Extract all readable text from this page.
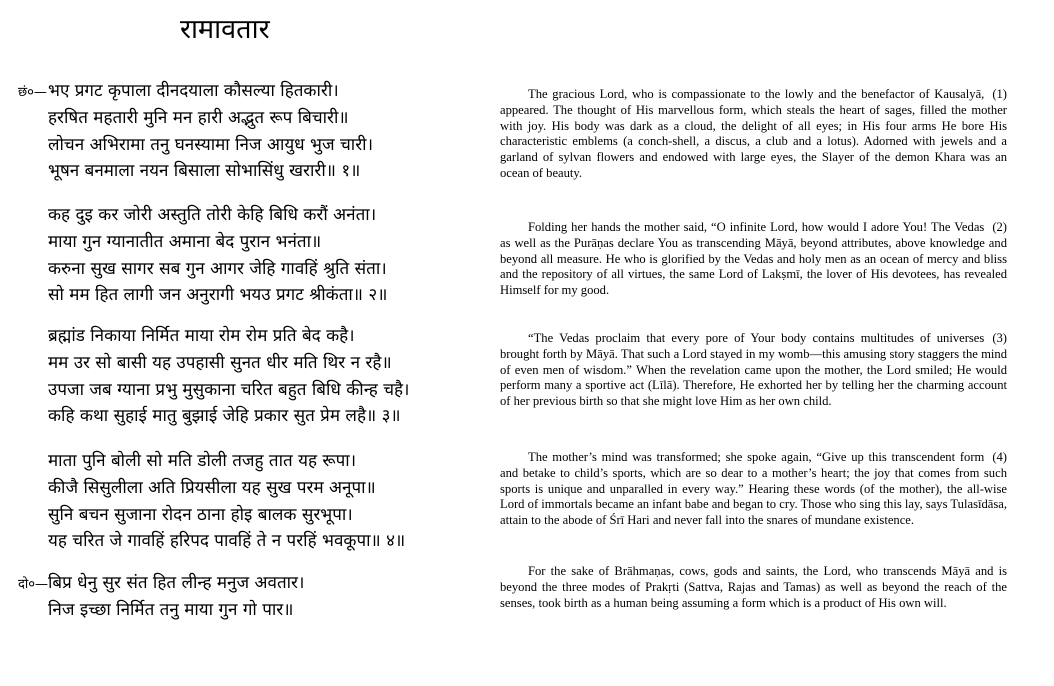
रामावतार
छं०— भए प्रगट कृपाला दीनदयाला कौसल्या हितकारी।
हरषित महतारी मुनि मन हारी अद्भुत रूप बिचारी॥
लोचन अभिरामा तनु घनस्यामा निज आयुध भुज चारी।
भूषन बनमाला नयन बिसाला सोभासिंधु खरारी॥ १॥

(1)
The gracious Lord, who is compassionate to the lowly and the benefactor of Kausalyā, appeared. The thought of His marvellous form, which steals the heart of sages, filled the mother with joy. His body was dark as a cloud, the delight of all eyes; in His four arms He bore His characteristic emblems (a conch-shell, a discus, a club and a lotus). Adorned with jewels and a garland of sylvan flowers and endowed with large eyes, the Slayer of the demon Khara was an ocean of beauty.

कह दुइ कर जोरी अस्तुति तोरी केहि बिधि करौं अनंता।
माया गुन ग्यानातीत अमाना बेद पुरान भनंता॥
करुना सुख सागर सब गुन आगर जेहि गावहिं श्रुति संता।
सो मम हित लागी जन अनुरागी भयउ प्रगट श्रीकंता॥ २॥

(2)
Folding her hands the mother said, “O infinite Lord, how would I adore You! The Vedas as well as the Purāṇas declare You as transcending Māyā, beyond attributes, above knowledge and beyond all measure. He who is glorified by the Vedas and holy men as an ocean of mercy and bliss and the repository of all virtues, the same Lord of Lakṣmī, the lover of His devotees, has revealed Himself for my good.

ब्रह्मांड निकाया निर्मित माया रोम रोम प्रति बेद कहै।
मम उर सो बासी यह उपहासी सुनत धीर मति थिर न रहै॥
उपजा जब ग्याना प्रभु मुसुकाना चरित बहुत बिधि कीन्ह चहै।
कहि कथा सुहाई मातु बुझाई जेहि प्रकार सुत प्रेम लहै॥ ३॥

(3)
“The Vedas proclaim that every pore of Your body contains multitudes of universes brought forth by Māyā. That such a Lord stayed in my womb—this amusing story staggers the mind of even men of wisdom.” When the revelation came upon the mother, the Lord smiled; He would perform many a sportive act (Līlā). Therefore, He exhorted her by telling her the charming account of her previous birth so that she might love Him as her own child.

माता पुनि बोली सो मति डोली तजहु तात यह रूपा।
कीजै सिसुलीला अति प्रियसीला यह सुख परम अनूपा॥
सुनि बचन सुजाना रोदन ठाना होइ बालक सुरभूपा।
यह चरित जे गावहिं हरिपद पावहिं ते न परहिं भवकूपा॥ ४॥

(4)
The mother’s mind was transformed; she spoke again, “Give up this transcendent form and betake to child’s sports, which are so dear to a mother’s heart; the joy that comes from such sports is unique and unparalled in every way.” Hearing these words (of the mother), the all-wise Lord of immortals became an infant babe and began to cry. Those who sing this lay, says Tulasīdāsa, attain to the abode of Śrī Hari and never fall into the snares of mundane existence.

दो०— बिप्र धेनु सुर संत हित लीन्ह मनुज अवतार।
निज इच्छा निर्मित तनु माया गुन गो पार॥

For the sake of Brāhmaṇas, cows, gods and saints, the Lord, who transcends Māyā and is beyond the three modes of Prakṛti (Sattva, Rajas and Tamas) as well as beyond the reach of the senses, took birth as a human being assuming a form which is a product of His own will.
